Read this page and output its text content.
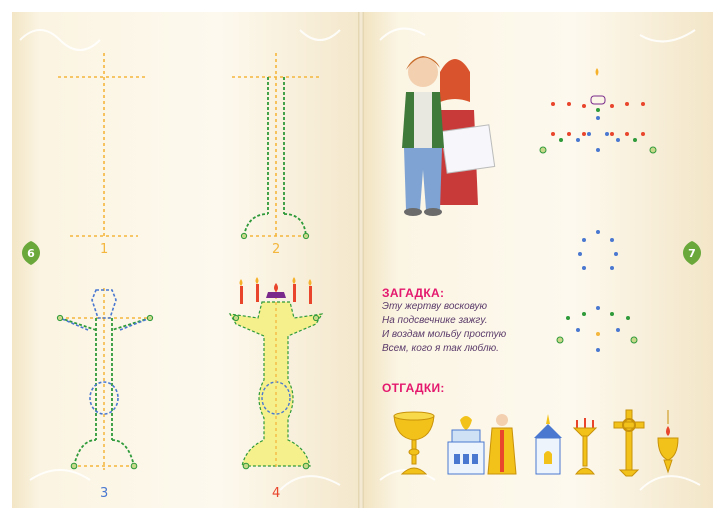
6	7
1	2
3	4
ЗАГАДКА:
Эту жертву восковую
На подсвечнике зажгу.
И воздам мольбу простую
Всем, кого я так люблю.
ОТГАДКИ:
